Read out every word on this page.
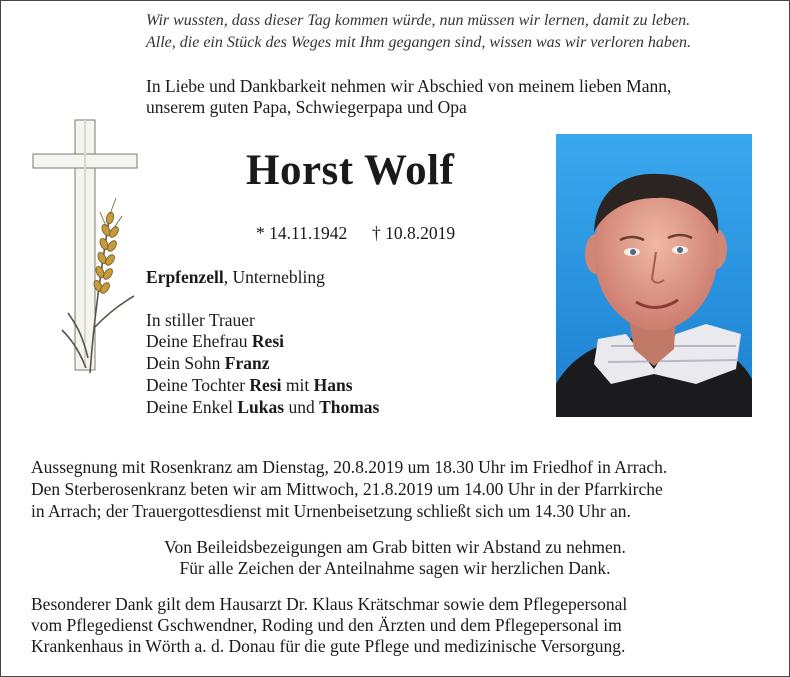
Wir wussten, dass dieser Tag kommen würde, nun müssen wir lernen, damit zu leben.
Alle, die ein Stück des Weges mit Ihm gegangen sind, wissen was wir verloren haben.
In Liebe und Dankbarkeit nehmen wir Abschied von meinem lieben Mann,
unserem guten Papa, Schwiegerpapa und Opa
Horst Wolf
* 14.11.1942 † 10.8.2019
Erpfenzell, Unternebling
In stiller Trauer
Deine Ehefrau Resi
Dein Sohn Franz
Deine Tochter Resi mit Hans
Deine Enkel Lukas und Thomas
Aussegnung mit Rosenkranz am Dienstag, 20.8.2019 um 18.30 Uhr im Friedhof in Arrach.
Den Sterberosenkranz beten wir am Mittwoch, 21.8.2019 um 14.00 Uhr in der Pfarrkirche
in Arrach; der Trauergottesdienst mit Urnenbeisetzung schließt sich um 14.30 Uhr an.
Von Beileidsbezeigungen am Grab bitten wir Abstand zu nehmen.
Für alle Zeichen der Anteilnahme sagen wir herzlichen Dank.
Besonderer Dank gilt dem Hausarzt Dr. Klaus Krätschmar sowie dem Pflegepersonal
vom Pflegedienst Gschwendner, Roding und den Ärzten und dem Pflegepersonal im
Krankenhaus in Wörth a. d. Donau für die gute Pflege und medizinische Versorgung.
